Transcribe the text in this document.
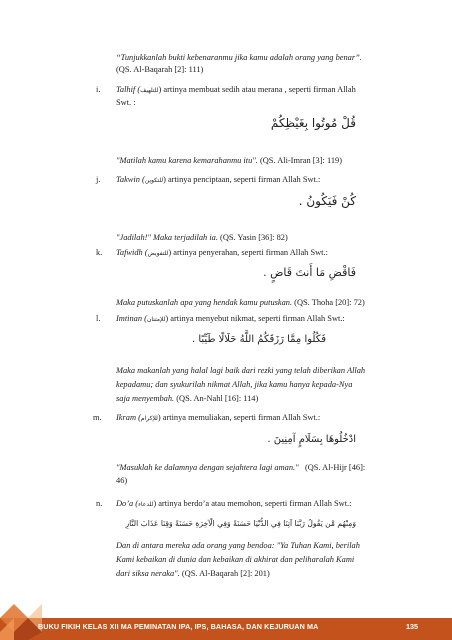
“Tunjukkanlah bukti kebenaranmu jika kamu adalah orang yang benar”.
(QS. Al-Baqarah [2]: 111)
i. Talhif (للتلهيف) artinya membuat sedih atau merana , seperti firman Allah
Swt. :
قُلْ مُوتُوا بِغَيْظِكُمْ
"Matilah kamu karena kemarahanmu itu". (QS. Ali-Imran [3]: 119)
j. Takwin (للتكوين) artinya penciptaan, seperti firman Allah Swt.:
كُنْ فَيَكُونُ .
"Jadilah!" Maka terjadilah ia. (QS. Yasin [36]: 82)
k. Tafwidh (للتفويض) artinya penyerahan, seperti firman Allah Swt.:
فَاقْضِ مَا أَنتَ قَاضٍ .
Maka putuskanlah apa yang hendak kamu putuskan. (QS. Thoha [20]: 72)
l. Imtinan (للإمتنان) artinya menyebut nikmat, seperti firman Allah Swt.:
فَكُلُوا مِمَّا رَزَقَكُمُ اللَّهُ حَلَالًا طَيِّبًا .
Maka makanlah yang halal lagi baik dari rezki yang telah diberikan Allah
kepadamu; dan syukurilah nikmat Allah, jika kamu hanya kepada-Nya
saja menyembah. (QS. An-Nahl [16]: 114)
m. Ikram (للإكرام) artinya memuliakan, seperti firman Allah Swt.:
ادْخُلُوهَا بِسَلَامٍ آمِنِينَ .
"Masuklah ke dalamnya dengan sejahtera lagi aman." (QS. Al-Hijr [46]:
46)
n. Do’a (للدعاء) artinya berdo’a atau memohon, seperti firman Allah Swt.:
وَمِنْهُم مَّن يَقُولُ رَبَّنَا آتِنَا فِي الدُّنْيَا حَسَنَةً وَفِي الْآخِرَةِ حَسَنَةً وَقِنَا عَذَابَ النَّارِ
Dan di antara mereka ada orang yang bendoa: "Ya Tuhan Kami, berilah
Kami kebaikan di dunia dan kebaikan di akhirat dan peliharalah Kami
dari siksa neraka". (QS. Al-Baqarah [2]: 201)
BUKU FIKIH KELAS XII MA PEMINATAN IPA, IPS, BAHASA, DAN KEJURUAN MA	135
